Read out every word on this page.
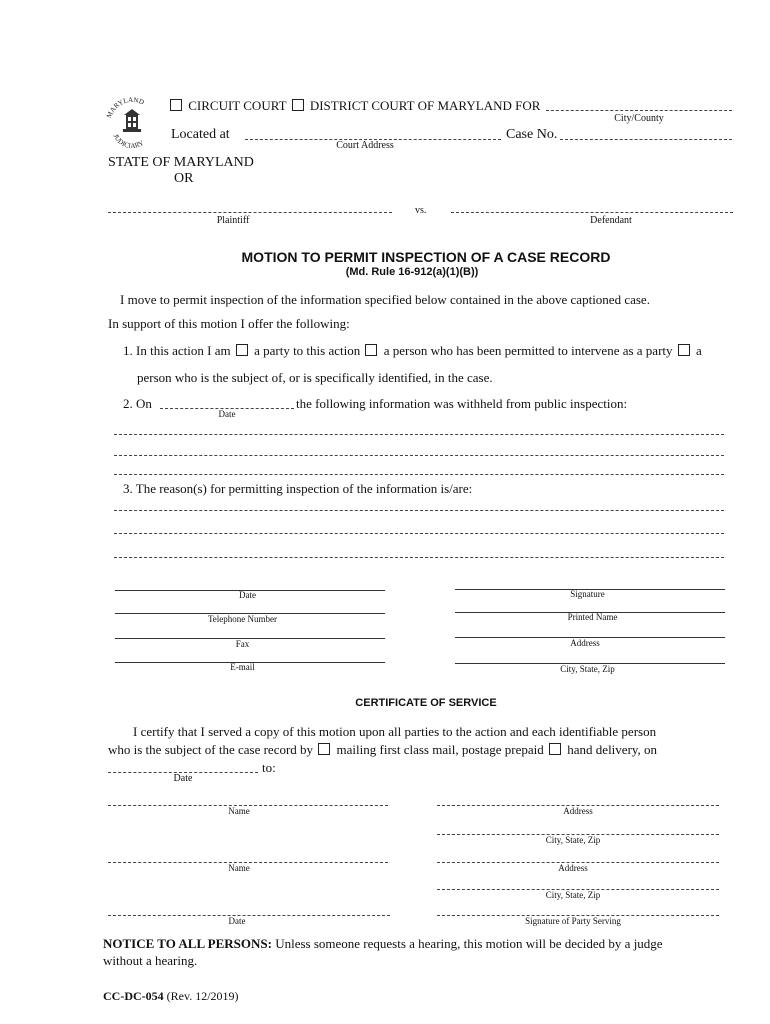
MARYLAND
JUDICIARY
CIRCUIT COURT DISTRICT COURT OF MARYLAND FOR
City/County
Located at
Court Address
Case No.
STATE OF MARYLAND
OR
Plaintiff
vs.
Defendant
MOTION TO PERMIT INSPECTION OF A CASE RECORD
(Md. Rule 16-912(a)(1)(B))
I move to permit inspection of the information specified below contained in the above captioned case.
In support of this motion I offer the following:
1. In this action I am a party to this action a person who has been permitted to intervene as a party a
person who is the subject of, or is specifically identified, in the case.
2. On
Date
the following information was withheld from public inspection:
3. The reason(s) for permitting inspection of the information is/are:
Date	Signature
Telephone Number	Printed Name
Fax	Address
E-mail	City, State, Zip
CERTIFICATE OF SERVICE
I certify that I served a copy of this motion upon all parties to the action and each identifiable person
who is the subject of the case record by mailing first class mail, postage prepaid hand delivery, on
to:
Date
Name	Address
City, State, Zip
Name	Address
City, State, Zip
Date	Signature of Party Serving
NOTICE TO ALL PERSONS: Unless someone requests a hearing, this motion will be decided by a judge
without a hearing.
CC-DC-054 (Rev. 12/2019)
